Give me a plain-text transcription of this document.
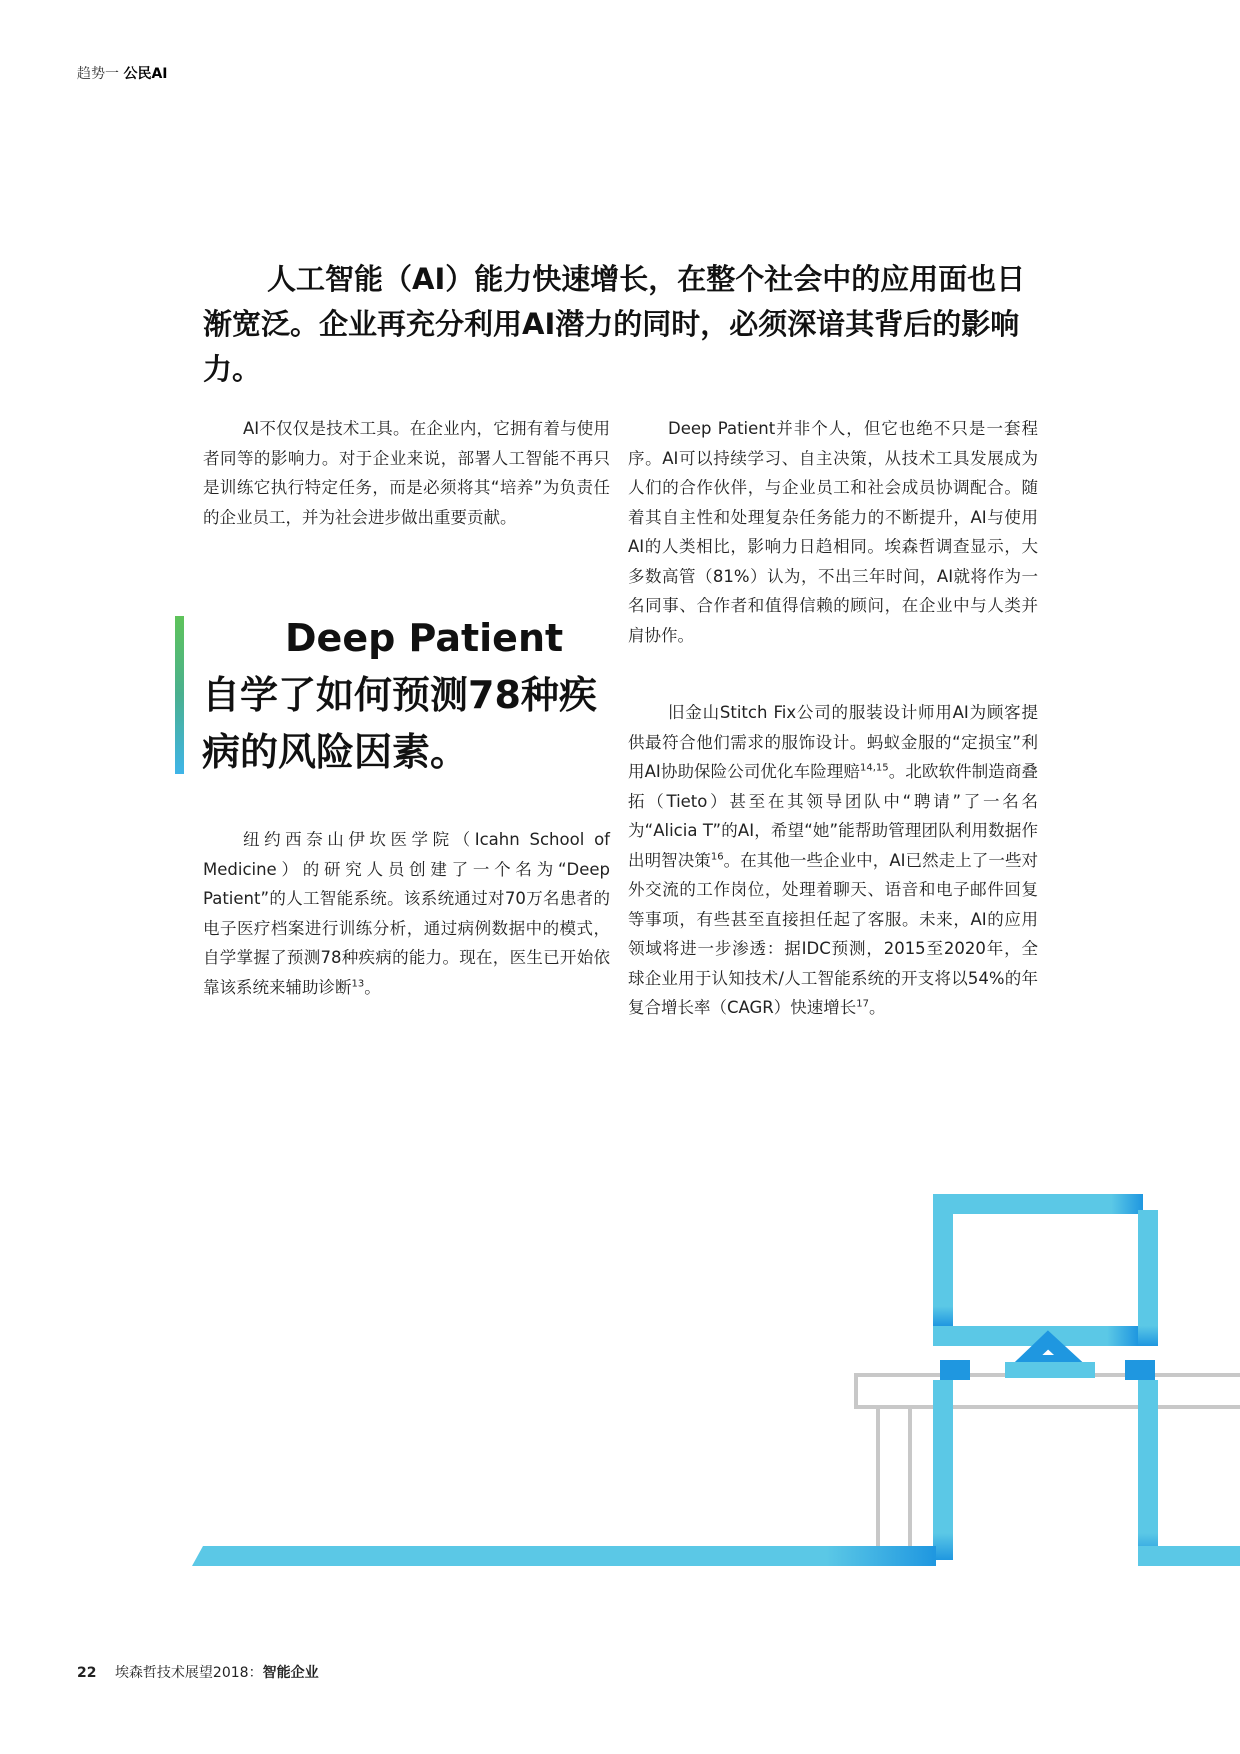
趋势一 公民AI

人工智能（AI）能力快速增长，在整个社会中的应用面也日渐宽泛。企业再充分利用AI潜力的同时，必须深谙其背后的影响力。

AI不仅仅是技术工具。在企业内，它拥有着与使用者同等的影响力。对于企业来说，部署人工智能不再只是训练它执行特定任务，而是必须将其“培养”为负责任的企业员工，并为社会进步做出重要贡献。

Deep Patient
自学了如何预测78种疾病的风险因素。

纽约西奈山伊坎医学院（Icahn School of Medicine）的研究人员创建了一个名为“Deep Patient”的人工智能系统。该系统通过对70万名患者的电子医疗档案进行训练分析，通过病例数据中的模式，自学掌握了预测78种疾病的能力。现在，医生已开始依靠该系统来辅助诊断$^{13}$。

Deep Patient并非个人，但它也绝不只是一套程序。AI可以持续学习、自主决策，从技术工具发展成为人们的合作伙伴，与企业员工和社会成员协调配合。随着其自主性和处理复杂任务能力的不断提升，AI与使用AI的人类相比，影响力日趋相同。埃森哲调查显示，大多数高管（81%）认为，不出三年时间，AI就将作为一名同事、合作者和值得信赖的顾问，在企业中与人类并肩协作。

旧金山Stitch Fix公司的服装设计师用AI为顾客提供最符合他们需求的服饰设计。蚂蚁金服的“定损宝”利用AI协助保险公司优化车险理赔$^{14,15}$。北欧软件制造商叠拓（Tieto）甚至在其领导团队中“聘请”了一名名为“Alicia T”的AI，希望“她”能帮助管理团队利用数据作出明智决策$^{16}$。在其他一些企业中，AI已然走上了一些对外交流的工作岗位，处理着聊天、语音和电子邮件回复等事项，有些甚至直接担任起了客服。未来，AI的应用领域将进一步渗透：据IDC预测，2015至2020年，全球企业用于认知技术/人工智能系统的开支将以54%的年复合增长率（CAGR）快速增长$^{17}$。

22 埃森哲技术展望2018：智能企业
